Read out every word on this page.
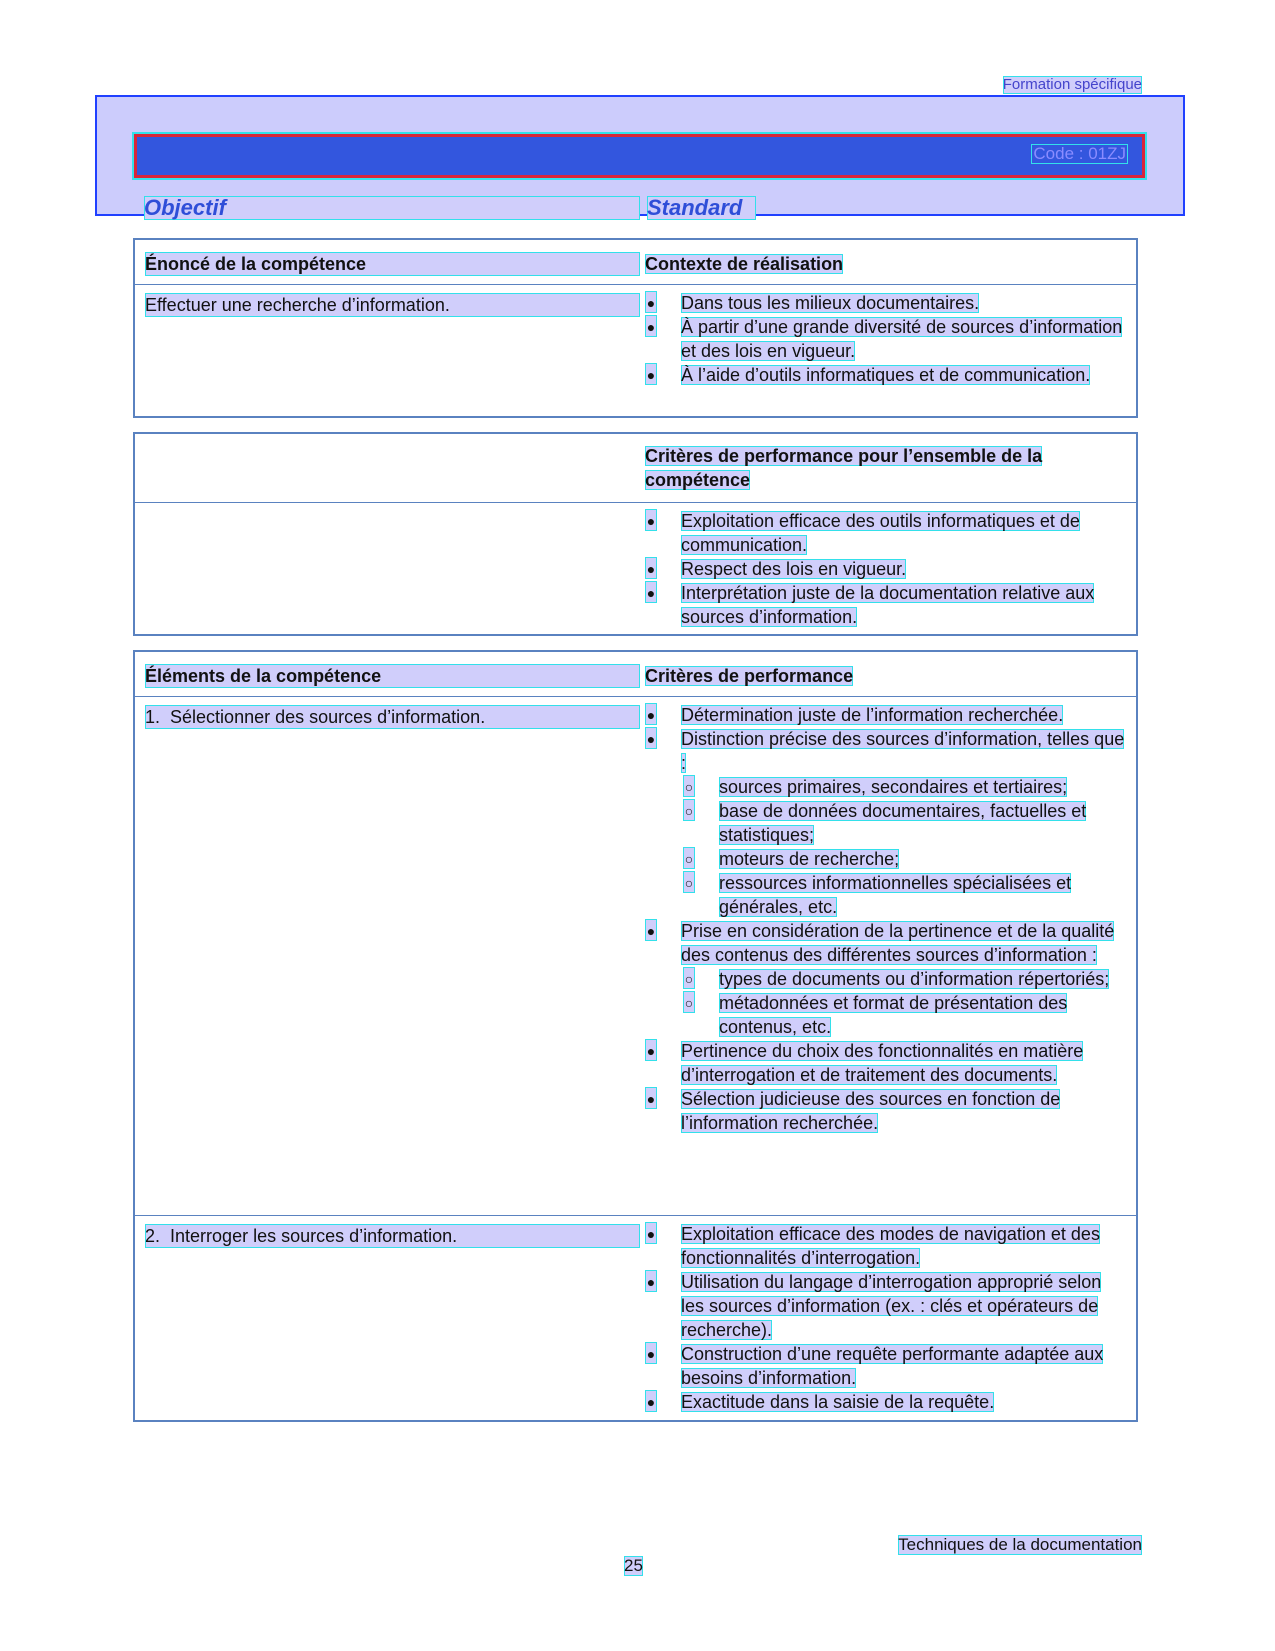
Formation spécifique
Code : 01ZJ
Objectif	Standard
Énoncé de la compétence	Contexte de réalisation
Effectuer une recherche d’information.	● Dans tous les milieux documentaires.
● À partir d’une grande diversité de sources d’information et des lois en vigueur.
● À l’aide d’outils informatiques et de communication.
Critères de performance pour l’ensemble de la compétence
● Exploitation efficace des outils informatiques et de communication.
● Respect des lois en vigueur.
● Interprétation juste de la documentation relative aux sources d’information.
Éléments de la compétence	Critères de performance
1. Sélectionner des sources d’information.	● Détermination juste de l’information recherchée.
● Distinction précise des sources d’information, telles que :
○ sources primaires, secondaires et tertiaires;
○ base de données documentaires, factuelles et statistiques;
○ moteurs de recherche;
○ ressources informationnelles spécialisées et générales, etc.
● Prise en considération de la pertinence et de la qualité des contenus des différentes sources d’information :
○ types de documents ou d’information répertoriés;
○ métadonnées et format de présentation des contenus, etc.
● Pertinence du choix des fonctionnalités en matière d’interrogation et de traitement des documents.
● Sélection judicieuse des sources en fonction de l’information recherchée.
2. Interroger les sources d’information.	● Exploitation efficace des modes de navigation et des fonctionnalités d’interrogation.
● Utilisation du langage d’interrogation approprié selon les sources d’information (ex. : clés et opérateurs de recherche).
● Construction d’une requête performante adaptée aux besoins d’information.
● Exactitude dans la saisie de la requête.
Techniques de la documentation
25
